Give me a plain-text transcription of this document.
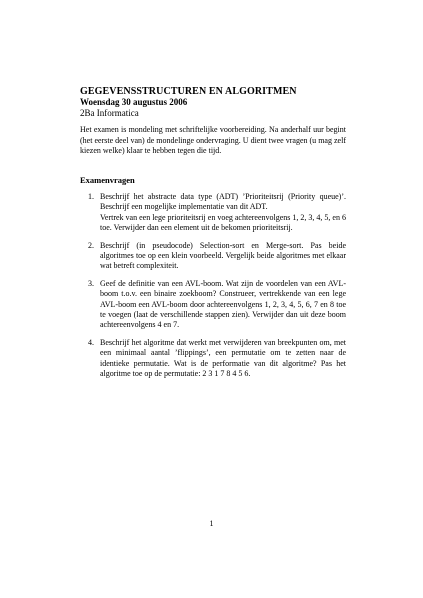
GEGEVENSSTRUCTUREN EN ALGORITMEN
Woensdag 30 augustus 2006
2Ba Informatica
Het examen is mondeling met schriftelijke voorbereiding. Na anderhalf uur begint (het eerste deel van) de mondelinge ondervraging. U dient twee vragen (u mag zelf kiezen welke) klaar te hebben tegen die tijd.
Examenvragen
1. Beschrijf het abstracte data type (ADT) ’Prioriteitsrij (Priority queue)’. Beschrijf een mogelijke implementatie van dit ADT.

Vertrek van een lege prioriteitsrij en voeg achtereenvolgens 1, 2, 3, 4, 5, en 6 toe. Verwijder dan een element uit de bekomen prioriteitsrij.

2. Beschrijf (in pseudocode) Selection-sort en Merge-sort. Pas beide algoritmes toe op een klein voorbeeld. Vergelijk beide algoritmes met elkaar wat betreft complexiteit.

3. Geef de definitie van een AVL-boom. Wat zijn de voordelen van een AVL-boom t.o.v. een binaire zoekboom? Construeer, vertrekkende van een lege AVL-boom een AVL-boom door achtereenvolgens 1, 2, 3, 4, 5, 6, 7 en 8 toe te voegen (laat de verschillende stappen zien). Verwijder dan uit deze boom achtereenvolgens 4 en 7.

4. Beschrijf het algoritme dat werkt met verwijderen van breekpunten om, met een minimaal aantal ’flippings’, een permutatie om te zetten naar de identieke permutatie. Wat is de performatie van dit algoritme? Pas het algoritme toe op de permutatie: 2 3 1 7 8 4 5 6.

1
